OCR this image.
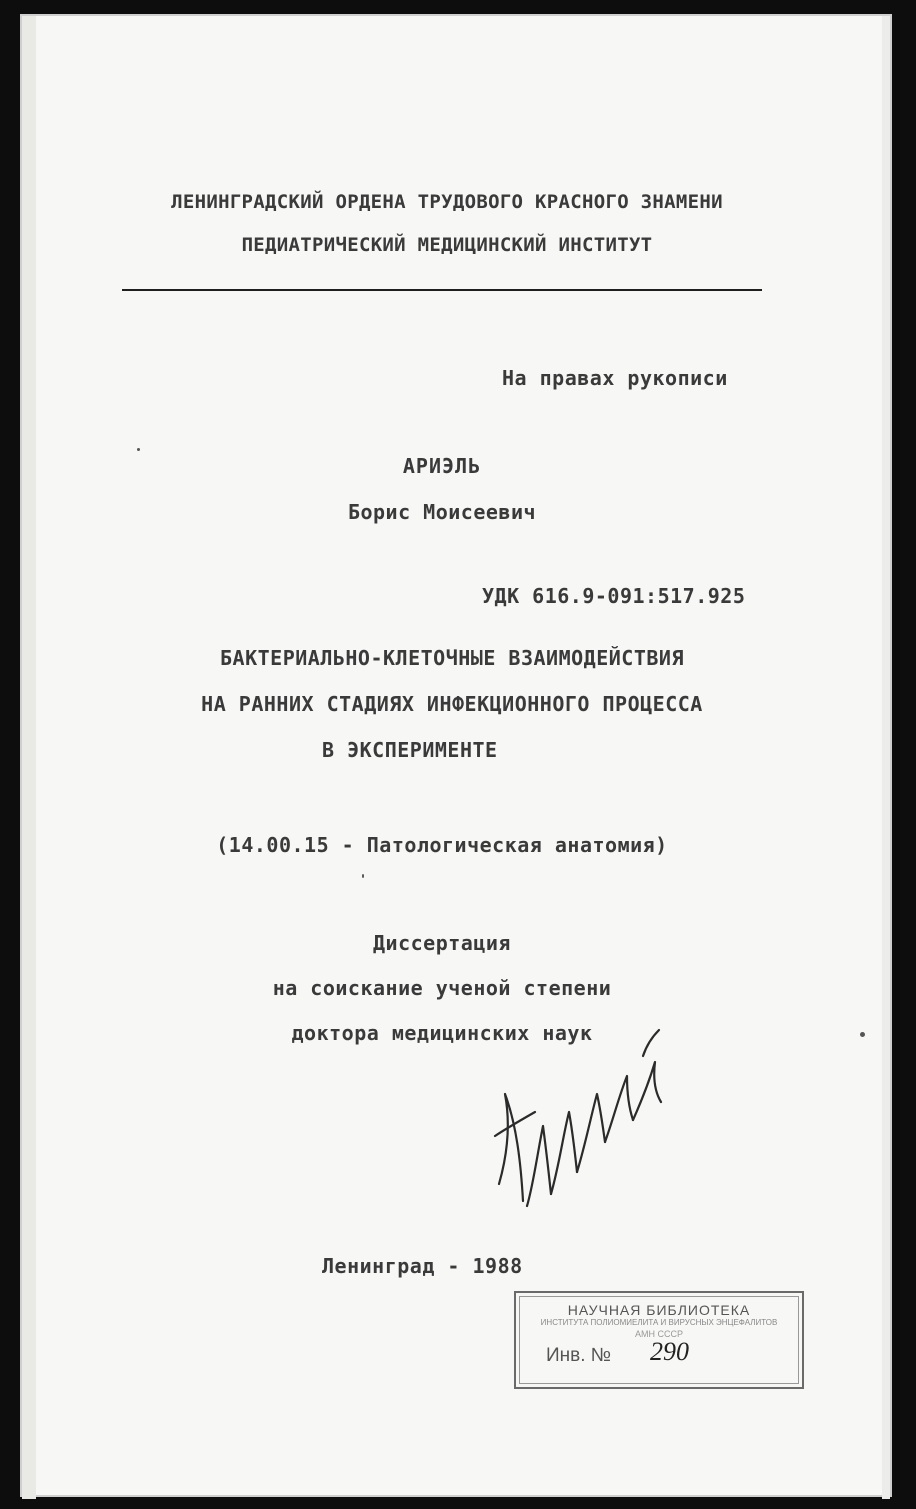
ЛЕНИНГРАДСКИЙ ОРДЕНА ТРУДОВОГО КРАСНОГО ЗНАМЕНИ
ПЕДИАТРИЧЕСКИЙ МЕДИЦИНСКИЙ ИНСТИТУТ
На правах рукописи
АРИЭЛЬ
Борис Моисеевич
УДК 616.9-091:517.925
БАКТЕРИАЛЬНО-КЛЕТОЧНЫЕ ВЗАИМОДЕЙСТВИЯ
НА РАННИХ СТАДИЯХ ИНФЕКЦИОННОГО ПРОЦЕССА
В ЭКСПЕРИМЕНТЕ
(14.00.15 - Патологическая анатомия)
Диссертация
на соискание ученой степени
доктора медицинских наук
Ленинград - 1988
НАУЧНАЯ БИБЛИОТЕКА
ИНСТИТУТА ПОЛИОМИЕЛИТА И ВИРУСНЫХ ЭНЦЕФАЛИТОВ
АМН СССР
Инв. № 290
